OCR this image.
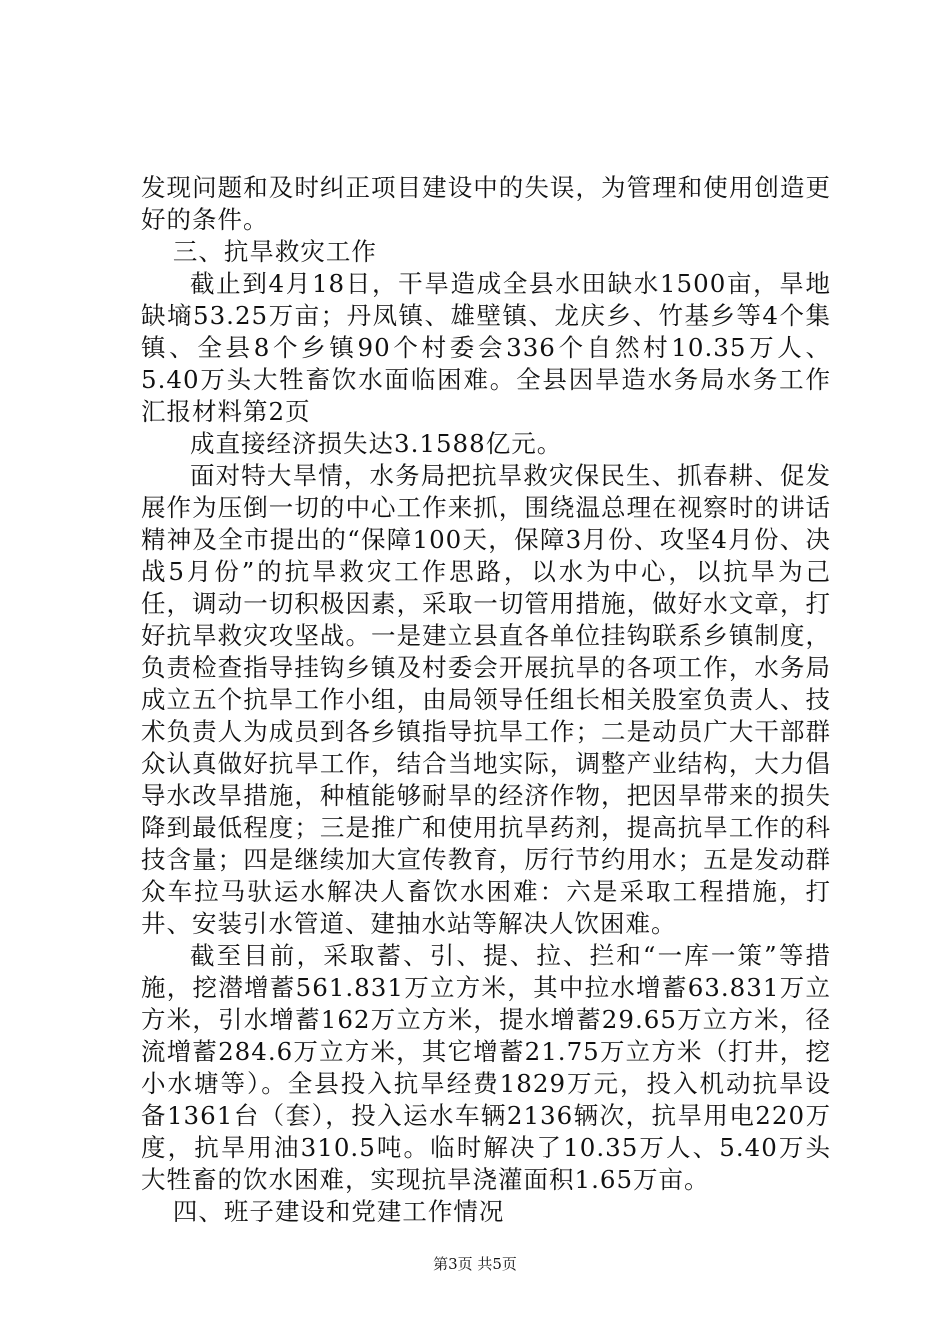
发现问题和及时纠正项目建设中的失误，为管理和使用创造更好的条件。

三、抗旱救灾工作

截止到4月18日，干旱造成全县水田缺水1500亩，旱地缺墒53.25万亩；丹凤镇、雄壁镇、龙庆乡、竹基乡等4个集镇、全县8个乡镇90个村委会336个自然村10.35万人、5.40万头大牲畜饮水面临困难。全县因旱造水务局水务工作汇报材料第2页

成直接经济损失达3.1588亿元。

面对特大旱情，水务局把抗旱救灾保民生、抓春耕、促发展作为压倒一切的中心工作来抓，围绕温总理在视察时的讲话精神及全市提出的“保障100天，保障3月份、攻坚4月份、决战5月份”的抗旱救灾工作思路，以水为中心，以抗旱为己任，调动一切积极因素，采取一切管用措施，做好水文章，打好抗旱救灾攻坚战。一是建立县直各单位挂钩联系乡镇制度，负责检查指导挂钩乡镇及村委会开展抗旱的各项工作，水务局成立五个抗旱工作小组，由局领导任组长相关股室负责人、技术负责人为成员到各乡镇指导抗旱工作；二是动员广大干部群众认真做好抗旱工作，结合当地实际，调整产业结构，大力倡导水改旱措施，种植能够耐旱的经济作物，把因旱带来的损失降到最低程度；三是推广和使用抗旱药剂，提高抗旱工作的科技含量；四是继续加大宣传教育，厉行节约用水；五是发动群众车拉马驮运水解决人畜饮水困难：六是采取工程措施，打井、安装引水管道、建抽水站等解决人饮困难。

截至目前，采取蓄、引、提、拉、拦和“一库一策”等措施，挖潜增蓄561.831万立方米，其中拉水增蓄63.831万立方米，引水增蓄162万立方米，提水增蓄29.65万立方米，径流增蓄284.6万立方米，其它增蓄21.75万立方米（打井，挖小水塘等）。全县投入抗旱经费1829万元，投入机动抗旱设备1361台（套），投入运水车辆2136辆次，抗旱用电220万度，抗旱用油310.5吨。临时解决了10.35万人、5.40万头大牲畜的饮水困难，实现抗旱浇灌面积1.65万亩。

四、班子建设和党建工作情况

第3页 共5页
